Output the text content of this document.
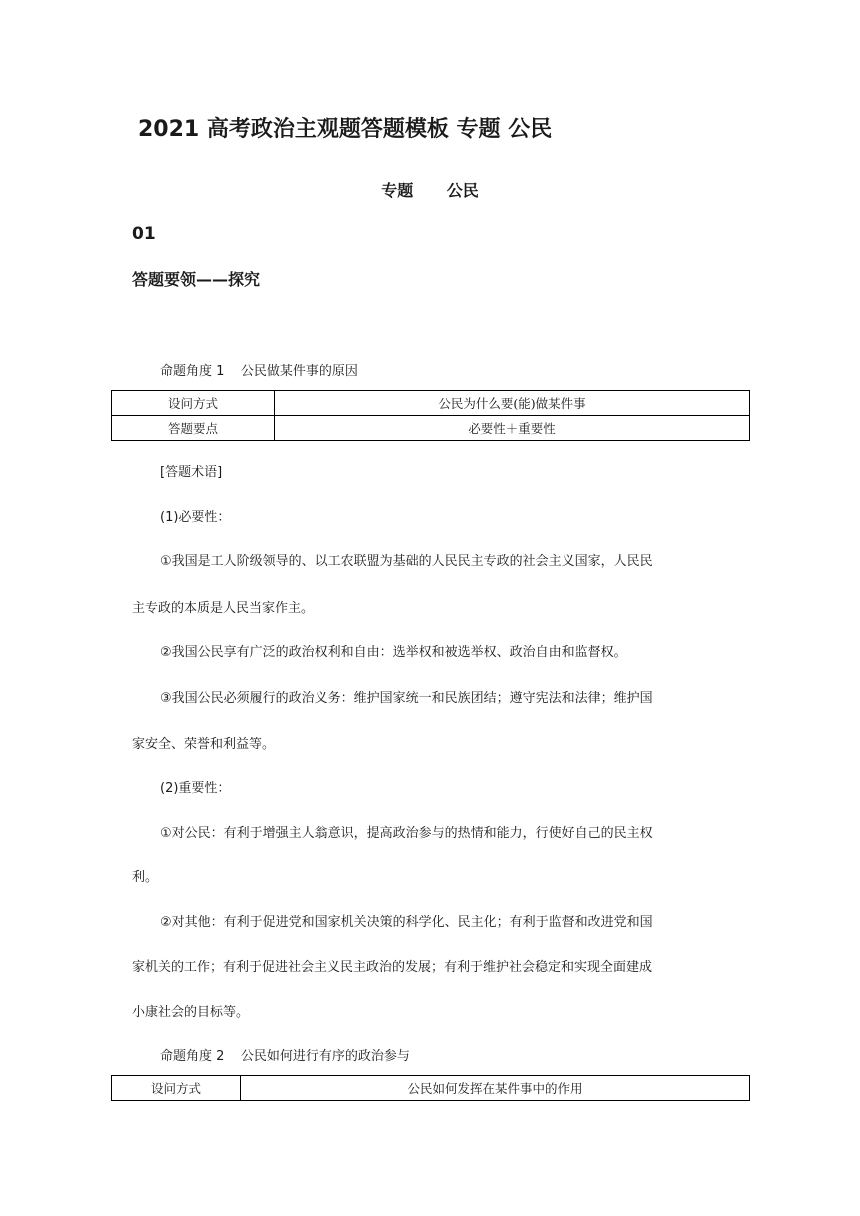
2021 高考政治主观题答题模板 专题 公民
专题      公民
01
答题要领——探究
命题角度 1    公民做某件事的原因
设问方式	公民为什么要(能)做某件事
答题要点	必要性＋重要性
[答题术语]
(1)必要性：
①我国是工人阶级领导的、以工农联盟为基础的人民民主专政的社会主义国家，人民民
主专政的本质是人民当家作主。
②我国公民享有广泛的政治权利和自由：选举权和被选举权、政治自由和监督权。
③我国公民必须履行的政治义务：维护国家统一和民族团结；遵守宪法和法律；维护国
家安全、荣誉和利益等。
(2)重要性：
①对公民：有利于增强主人翁意识，提高政治参与的热情和能力，行使好自己的民主权
利。
②对其他：有利于促进党和国家机关决策的科学化、民主化；有利于监督和改进党和国
家机关的工作；有利于促进社会主义民主政治的发展；有利于维护社会稳定和实现全面建成
小康社会的目标等。
命题角度 2    公民如何进行有序的政治参与
设问方式	公民如何发挥在某件事中的作用
